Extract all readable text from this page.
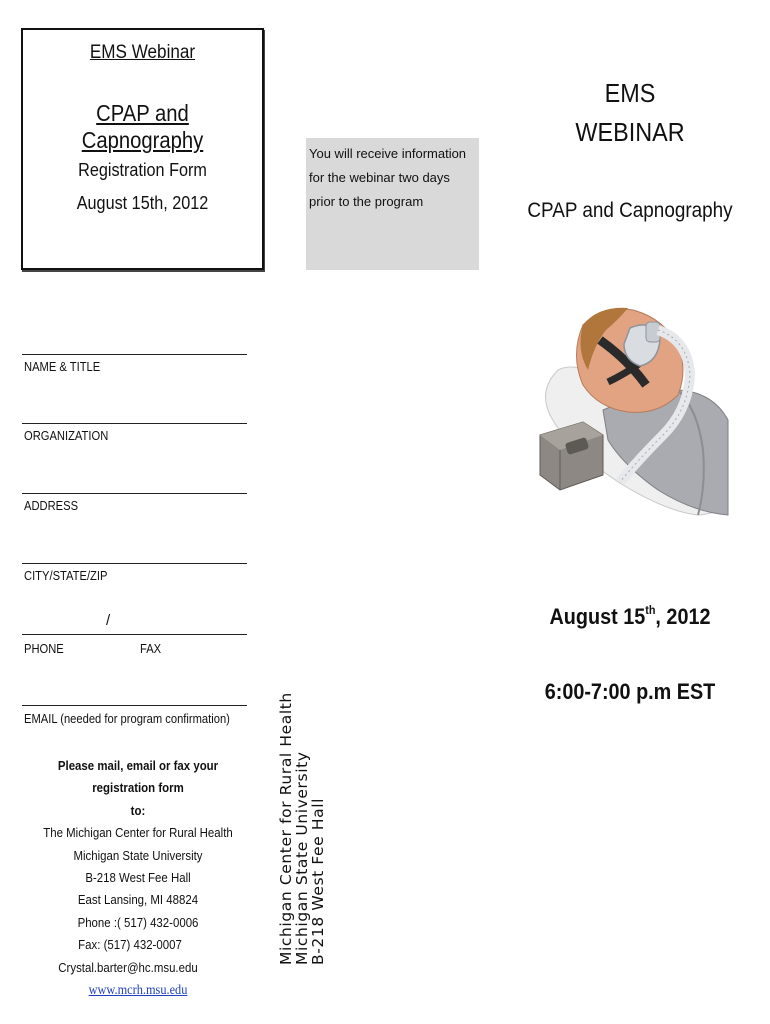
EMS Webinar
CPAP and Capnography
Registration Form
August 15th, 2012
You will receive information for the webinar two days prior to the program
NAME & TITLE
ORGANIZATION
ADDRESS
CITY/STATE/ZIP
/
PHONE	FAX
EMAIL (needed for program confirmation)
Please mail, email or fax your registration form
to:
The Michigan Center for Rural Health
Michigan State University
B-218 West Fee Hall
East Lansing, MI 48824
Phone :( 517) 432-0006
Fax: (517) 432-0007
Crystal.barter@hc.msu.edu
www.mcrh.msu.edu
Michigan Center for Rural Health
Michigan State University
B-218 West Fee Hall
EMS
WEBINAR
CPAP and Capnography
August 15th, 2012
6:00-7:00 p.m EST
